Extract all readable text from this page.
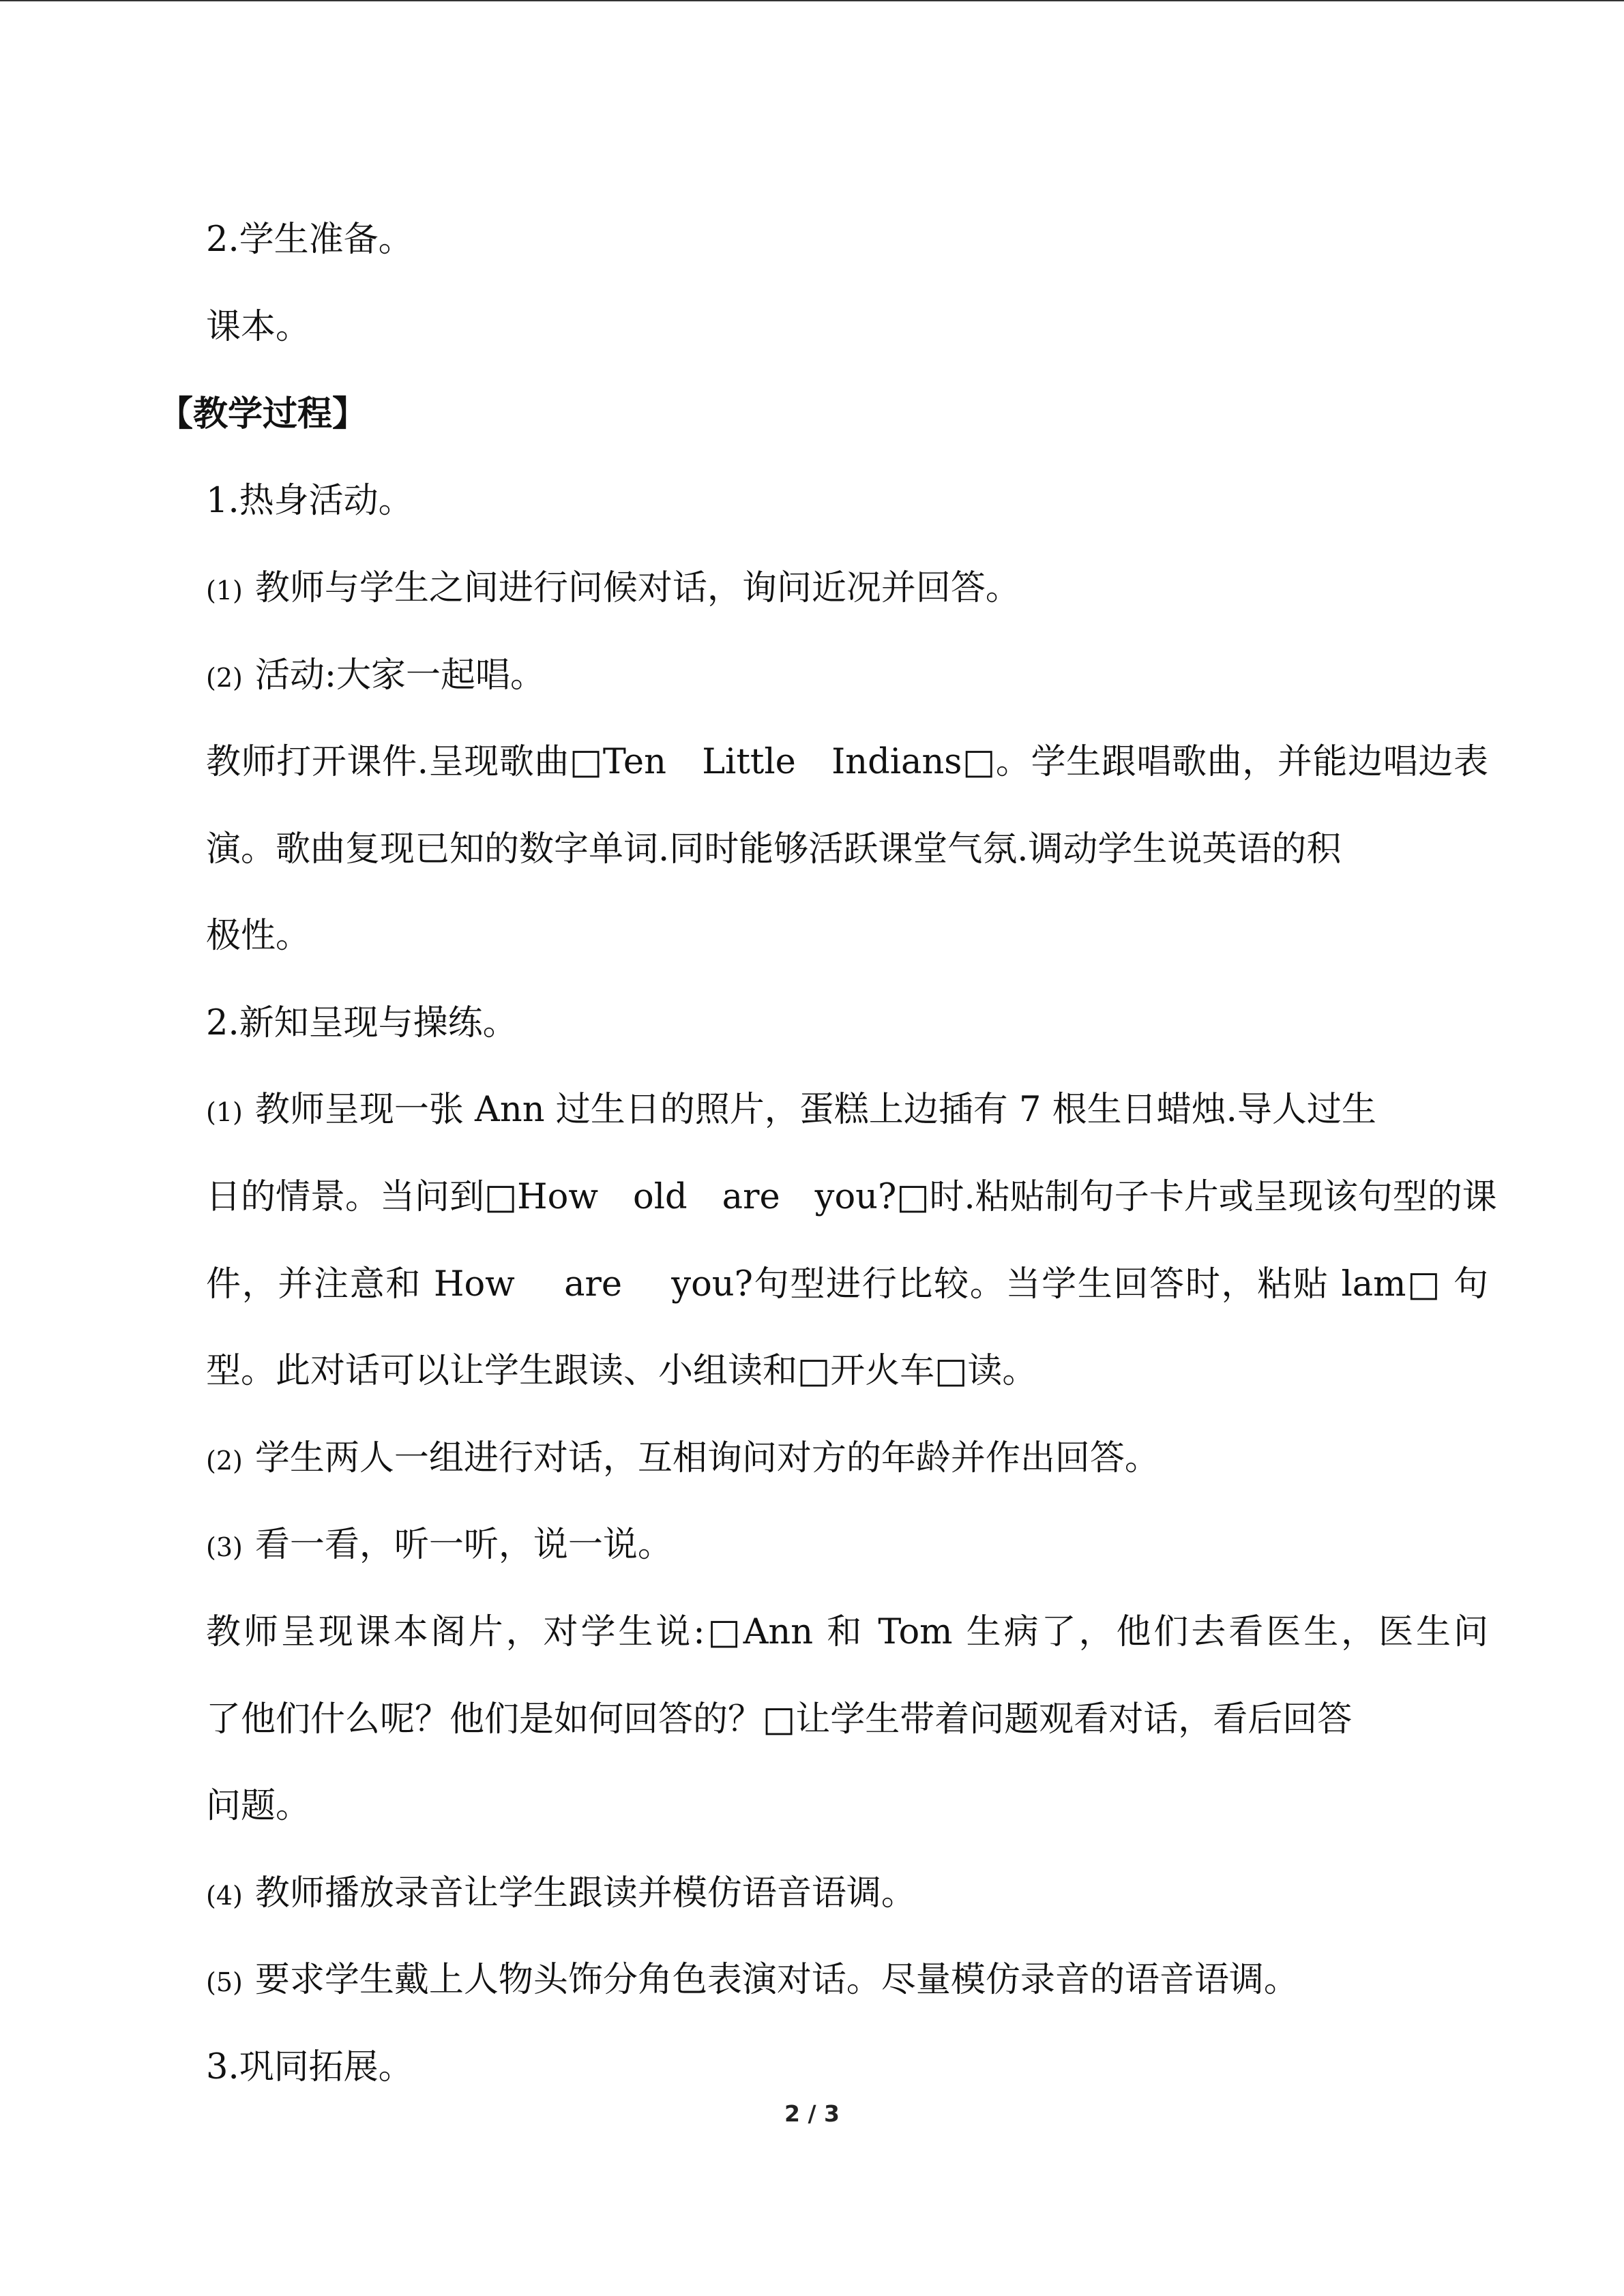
2.学生准备。
课本。
【教学过程】
1.热身活动。
(1) 教师与学生之间进行问候对话，询问近况并回答。
(2) 活动:大家一起唱。
教师打开课件.呈现歌曲□Ten　Little　Indians□。学生跟唱歌曲，并能边唱边表
演。歌曲复现已知的数字单词.同时能够活跃课堂气氛.调动学生说英语的积
极性。
2.新知呈现与操练。
(1) 教师呈现一张 Ann 过生日的照片，蛋糕上边插有 7 根生日蜡烛.导人过生
日的情景。当问到□How　old　are　you?□时.粘贴制句子卡片或呈现该句型的课
件，并注意和 How　 are　 you?句型进行比较。当学生回答时，粘贴 lam□ 句
型。此对话可以让学生跟读、小组读和□开火车□读。
(2) 学生两人一组进行对话，互相询问对方的年龄并作出回答。
(3) 看一看，听一听，说一说。
教师呈现课本阁片，对学生说:□Ann 和 Tom 生病了，他们去看医生，医生问
了他们什么呢？他们是如何回答的？□让学生带着问题观看对话，看后回答
问题。
(4) 教师播放录音让学生跟读并模仿语音语调。
(5) 要求学生戴上人物头饰分角色表演对话。尽量模仿录音的语音语调。
3.巩同拓展。
2 / 3
